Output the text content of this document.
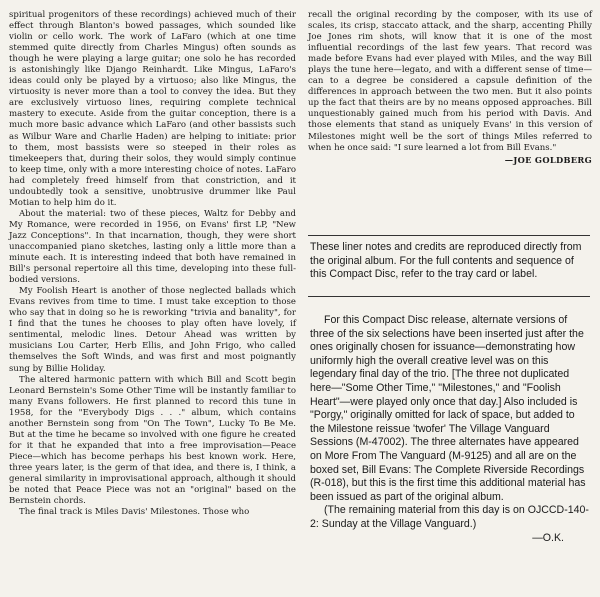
spiritual progenitors of these recordings) achieved much of their effect through Blanton's bowed passages, which sounded like violin or cello work. The work of LaFaro (which at one time stemmed quite directly from Charles Mingus) often sounds as though he were playing a large guitar; one solo he has recorded is astonishingly like Django Reinhardt. Like Mingus, LaFaro's ideas could only be played by a virtuoso; also like Mingus, the virtuosity is never more than a tool to convey the idea. But they are exclusively virtuoso lines, requiring complete technical mastery to execute. Aside from the guitar conception, there is a much more basic advance which LaFaro (and other bassists such as Wilbur Ware and Charlie Haden) are helping to initiate: prior to them, most bassists were so steeped in their roles as timekeepers that, during their solos, they would simply continue to keep time, only with a more interesting choice of notes. LaFaro had completely freed himself from that constriction, and it undoubtedly took a sensitive, unobtrusive drummer like Paul Motian to help him do it.

About the material: two of these pieces, Waltz for Debby and My Romance, were recorded in 1956, on Evans' first LP, "New Jazz Conceptions". In that incarnation, though, they were short unaccompanied piano sketches, lasting only a little more than a minute each. It is interesting indeed that both have remained in Bill's personal repertoire all this time, developing into these full-bodied versions.

My Foolish Heart is another of those neglected ballads which Evans revives from time to time. I must take exception to those who say that in doing so he is reworking "trivia and banality", for I find that the tunes he chooses to play often have lovely, if sentimental, melodic lines. Detour Ahead was written by musicians Lou Carter, Herb Ellis, and John Frigo, who called themselves the Soft Winds, and was first and most poignantly sung by Billie Holiday.

The altered harmonic pattern with which Bill and Scott begin Leonard Bernstein's Some Other Time will be instantly familiar to many Evans followers. He first planned to record this tune in 1958, for the "Everybody Digs . . ." album, which contains another Bernstein song from "On The Town", Lucky To Be Me. But at the time he became so involved with one figure he created for it that he expanded that into a free improvisation—Peace Piece—which has become perhaps his best known work. Here, three years later, is the germ of that idea, and there is, I think, a general similarity in improvisational approach, although it should be noted that Peace Piece was not an "original" based on the Bernstein chords.

The final track is Miles Davis' Milestones. Those who

recall the original recording by the composer, with its use of scales, its crisp, staccato attack, and the sharp, accenting Philly Joe Jones rim shots, will know that it is one of the most influential recordings of the last few years. That record was made before Evans had ever played with Miles, and the way Bill plays the tune here—legato, and with a different sense of time—can to a degree be considered a capsule definition of the differences in approach between the two men. But it also points up the fact that theirs are by no means opposed approaches. Bill unquestionably gained much from his period with Davis. And those elements that stand as uniquely Evans' in this version of Milestones might well be the sort of things Miles referred to when he once said: "I sure learned a lot from Bill Evans."

—JOE GOLDBERG

These liner notes and credits are reproduced directly from the original album. For the full contents and sequence of this Compact Disc, refer to the tray card or label.

For this Compact Disc release, alternate versions of three of the six selections have been inserted just after the ones originally chosen for issuance—demonstrating how uniformly high the overall creative level was on this legendary final day of the trio. [The three not duplicated here—"Some Other Time," "Milestones," and "Foolish Heart"—were played only once that day.] Also included is "Porgy," originally omitted for lack of space, but added to the Milestone reissue 'twofer' The Village Vanguard Sessions (M-47002). The three alternates have appeared on More From The Vanguard (M-9125) and all are on the boxed set, Bill Evans: The Complete Riverside Recordings (R-018), but this is the first time this additional material has been issued as part of the original album.

(The remaining material from this day is on OJCCD-140-2: Sunday at the Village Vanguard.)

—O.K.
